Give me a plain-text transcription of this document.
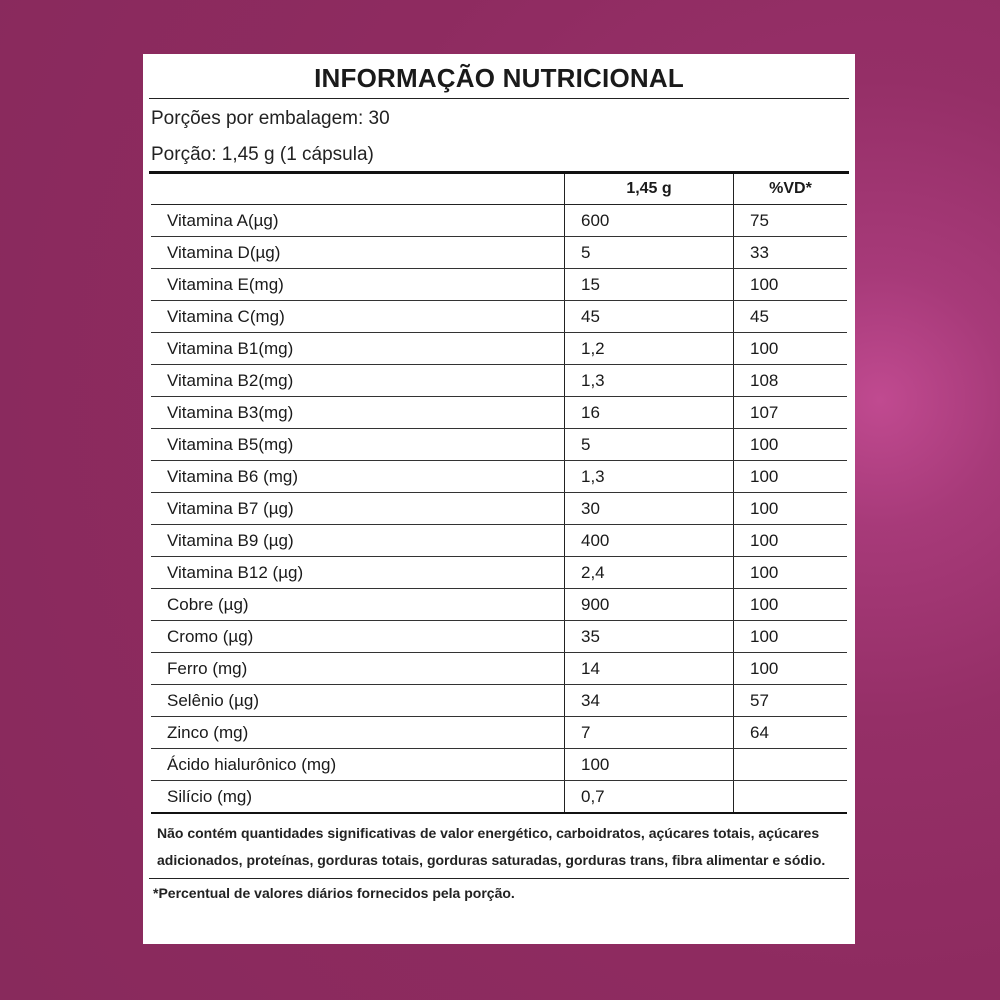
INFORMAÇÃO NUTRICIONAL
Porções por embalagem: 30
Porção: 1,45 g (1 cápsula)
	1,45 g	%VD*
Vitamina A(µg)	600	75
Vitamina D(µg)	5	33
Vitamina E(mg)	15	100
Vitamina C(mg)	45	45
Vitamina B1(mg)	1,2	100
Vitamina B2(mg)	1,3	108
Vitamina B3(mg)	16	107
Vitamina B5(mg)	5	100
Vitamina B6 (mg)	1,3	100
Vitamina B7 (µg)	30	100
Vitamina B9 (µg)	400	100
Vitamina B12 (µg)	2,4	100
Cobre (µg)	900	100
Cromo (µg)	35	100
Ferro (mg)	14	100
Selênio (µg)	34	57
Zinco (mg)	7	64
Ácido hialurônico (mg)	100	
Silício (mg)	0,7	
Não contém quantidades significativas de valor energético, carboidratos, açúcares totais, açúcares adicionados, proteínas, gorduras totais, gorduras saturadas, gorduras trans, fibra alimentar e sódio.
*Percentual de valores diários fornecidos pela porção.
